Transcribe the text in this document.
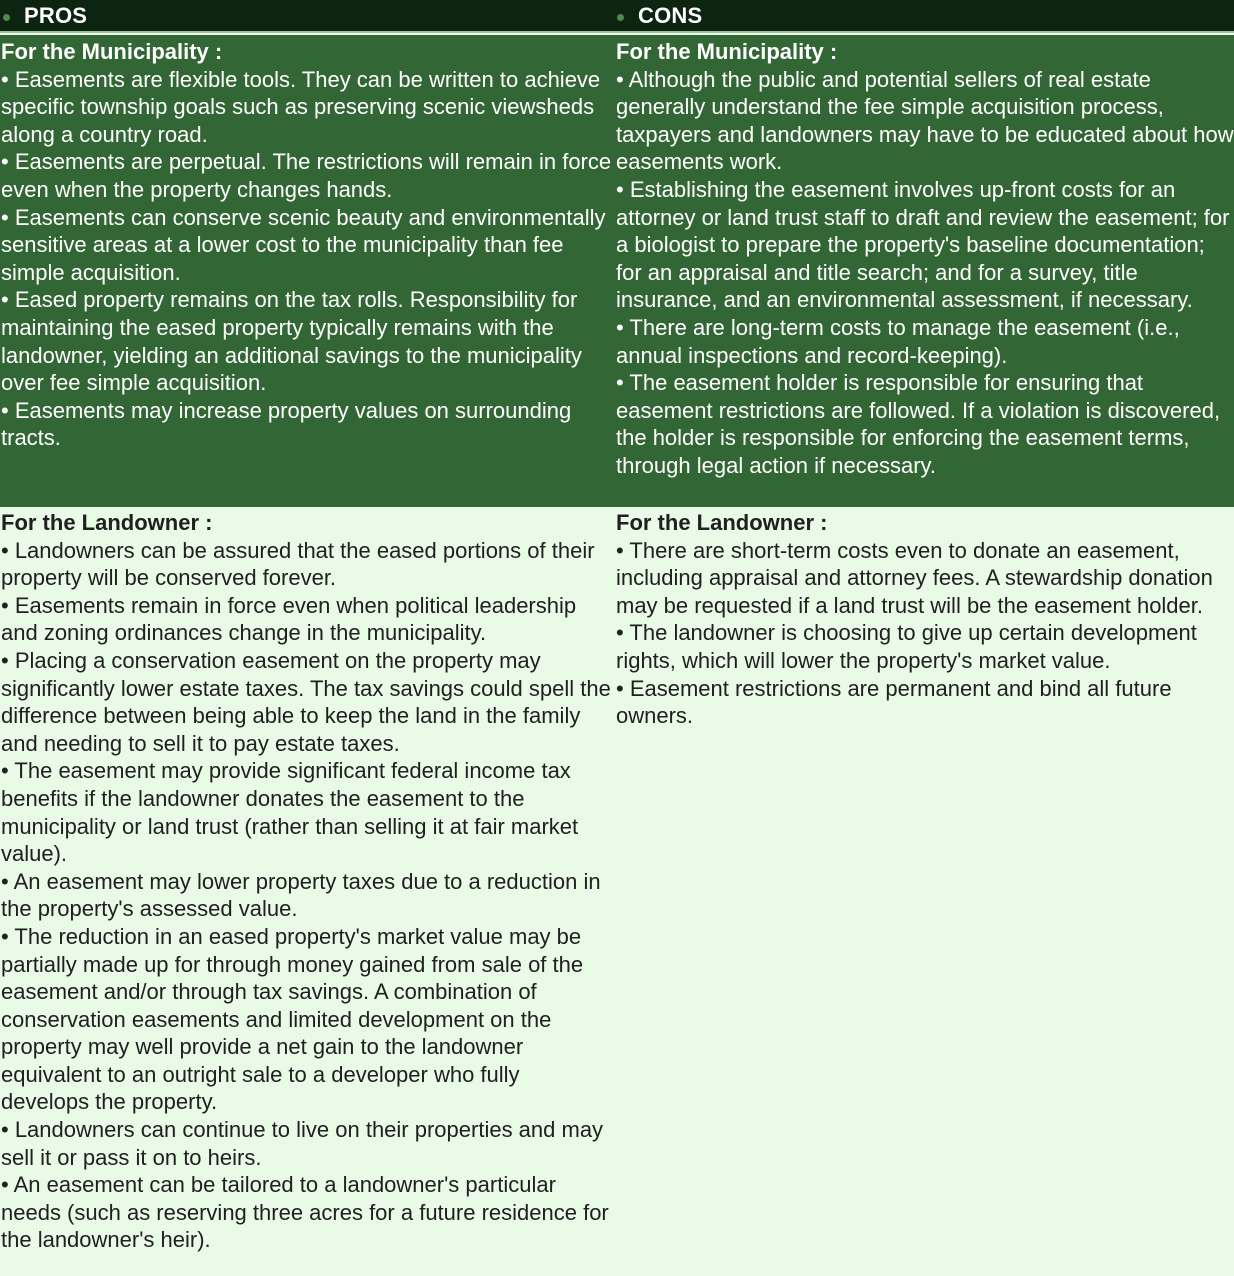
PROS	CONS

For the Municipality :

• Easements are flexible tools. They can be written to achieve specific township goals such as preserving scenic viewsheds along a country road.

• Easements are perpetual. The restrictions will remain in force even when the property changes hands.

• Easements can conserve scenic beauty and environmentally sensitive areas at a lower cost to the municipality than fee simple acquisition.

• Eased property remains on the tax rolls. Responsibility for maintaining the eased property typically remains with the landowner, yielding an additional savings to the municipality over fee simple acquisition.

• Easements may increase property values on surrounding tracts.

For the Municipality :

• Although the public and potential sellers of real estate generally understand the fee simple acquisition process, taxpayers and landowners may have to be educated about how easements work.

• Establishing the easement involves up-front costs for an attorney or land trust staff to draft and review the easement; for a biologist to prepare the property's baseline documentation; for an appraisal and title search; and for a survey, title insurance, and an environmental assessment, if necessary.

• There are long-term costs to manage the easement (i.e., annual inspections and record-keeping).

• The easement holder is responsible for ensuring that easement restrictions are followed. If a violation is discovered, the holder is responsible for enforcing the easement terms, through legal action if necessary.

For the Landowner :

• Landowners can be assured that the eased portions of their property will be conserved forever.

• Easements remain in force even when political leadership and zoning ordinances change in the municipality.

• Placing a conservation easement on the property may significantly lower estate taxes. The tax savings could spell the difference between being able to keep the land in the family and needing to sell it to pay estate taxes.

• The easement may provide significant federal income tax benefits if the landowner donates the easement to the municipality or land trust (rather than selling it at fair market value).

• An easement may lower property taxes due to a reduction in the property's assessed value.

• The reduction in an eased property's market value may be partially made up for through money gained from sale of the easement and/or through tax savings. A combination of conservation easements and limited development on the property may well provide a net gain to the landowner equivalent to an outright sale to a developer who fully develops the property.

• Landowners can continue to live on their properties and may sell it or pass it on to heirs.

• An easement can be tailored to a landowner's particular needs (such as reserving three acres for a future residence for the landowner's heir).

For the Landowner :

• There are short-term costs even to donate an easement, including appraisal and attorney fees. A stewardship donation may be requested if a land trust will be the easement holder.

• The landowner is choosing to give up certain development rights, which will lower the property's market value.

• Easement restrictions are permanent and bind all future owners.
